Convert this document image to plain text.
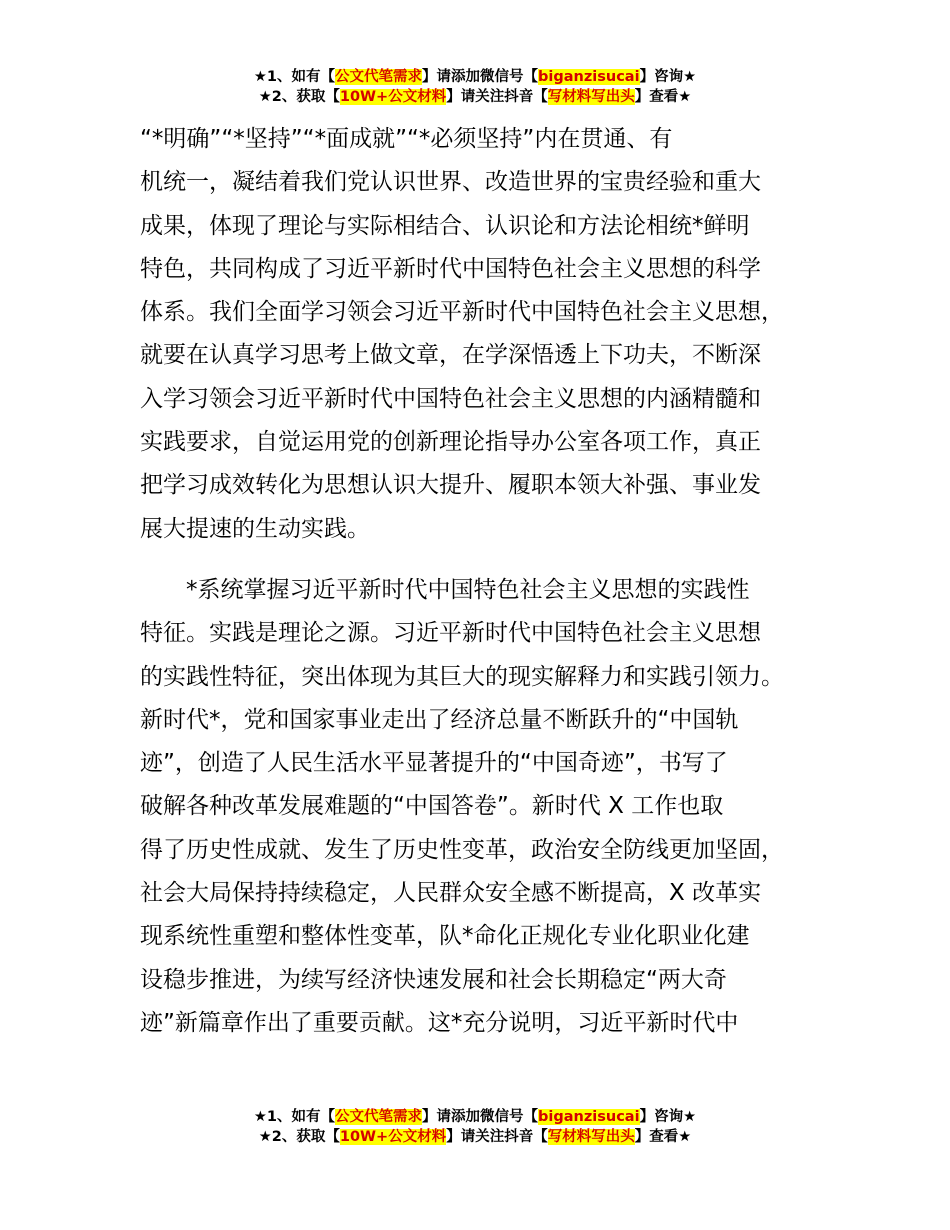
★1、如有【公文代笔需求】请添加微信号【biganzisucai】咨询★
★2、获取【10W+公文材料】请关注抖音【写材料写出头】查看★
“*明确”“*坚持”“*面成就”“*必须坚持”内在贯通、有
机统一，凝结着我们党认识世界、改造世界的宝贵经验和重大
成果，体现了理论与实际相结合、认识论和方法论相统*鲜明
特色，共同构成了习近平新时代中国特色社会主义思想的科学
体系。我们全面学习领会习近平新时代中国特色社会主义思想，
就要在认真学习思考上做文章，在学深悟透上下功夫，不断深
入学习领会习近平新时代中国特色社会主义思想的内涵精髓和
实践要求，自觉运用党的创新理论指导办公室各项工作，真正
把学习成效转化为思想认识大提升、履职本领大补强、事业发
展大提速的生动实践。
*系统掌握习近平新时代中国特色社会主义思想的实践性
特征。实践是理论之源。习近平新时代中国特色社会主义思想
的实践性特征，突出体现为其巨大的现实解释力和实践引领力。
新时代*，党和国家事业走出了经济总量不断跃升的“中国轨
迹”，创造了人民生活水平显著提升的“中国奇迹”，书写了
破解各种改革发展难题的“中国答卷”。新时代 X 工作也取
得了历史性成就、发生了历史性变革，政治安全防线更加坚固，
社会大局保持持续稳定，人民群众安全感不断提高，X 改革实
现系统性重塑和整体性变革，队*命化正规化专业化职业化建
设稳步推进，为续写经济快速发展和社会长期稳定“两大奇
迹”新篇章作出了重要贡献。这*充分说明，习近平新时代中
★1、如有【公文代笔需求】请添加微信号【biganzisucai】咨询★
★2、获取【10W+公文材料】请关注抖音【写材料写出头】查看★
